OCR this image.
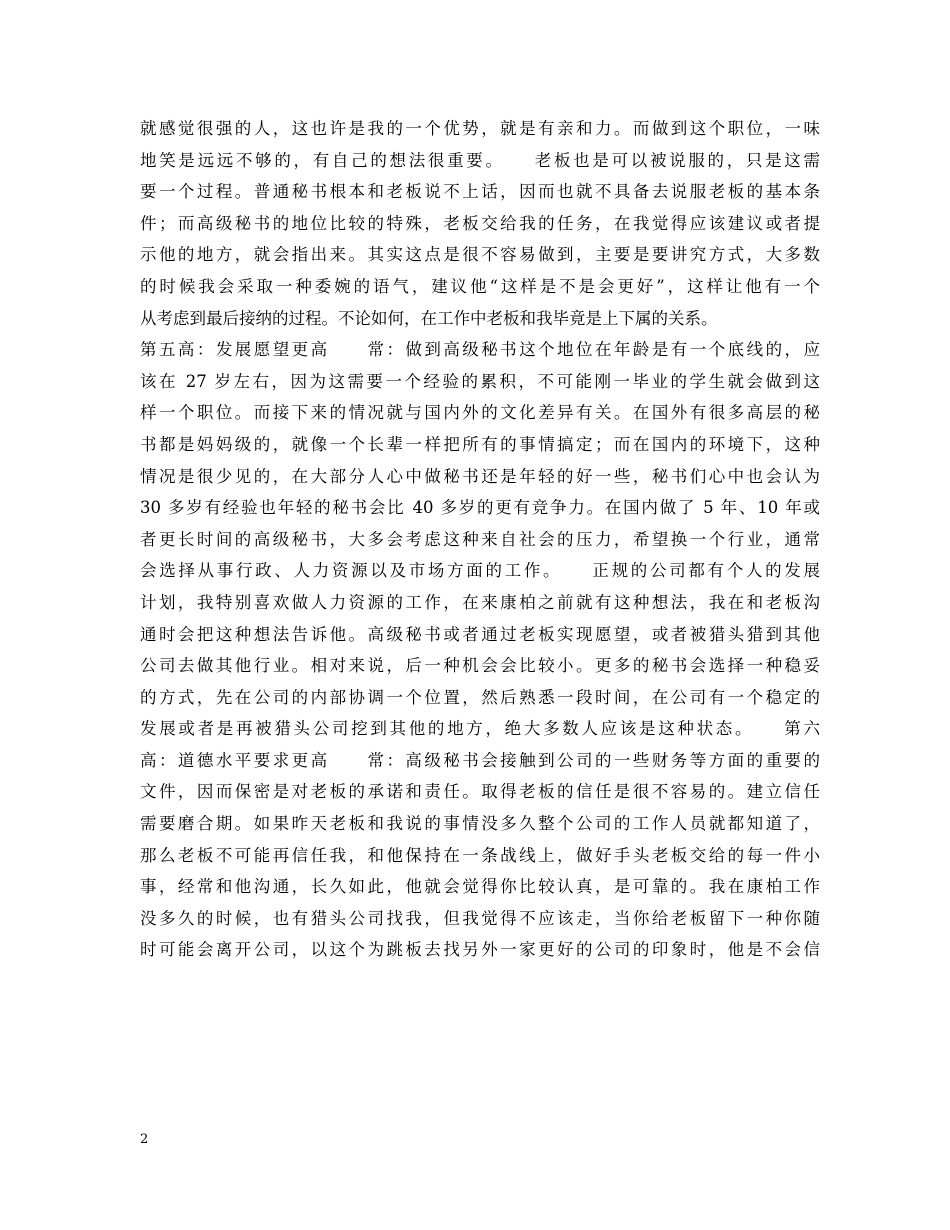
就感觉很强的人，这也许是我的一个优势，就是有亲和力。而做到这个职位，一味
地笑是远远不够的，有自己的想法很重要。　　老板也是可以被说服的，只是这需
要一个过程。普通秘书根本和老板说不上话，因而也就不具备去说服老板的基本条
件；而高级秘书的地位比较的特殊，老板交给我的任务，在我觉得应该建议或者提
示他的地方，就会指出来。其实这点是很不容易做到，主要是要讲究方式，大多数
的时候我会采取一种委婉的语气，建议他“这样是不是会更好”，这样让他有一个
从考虑到最后接纳的过程。不论如何，在工作中老板和我毕竟是上下属的关系。
第五高：发展愿望更高　　常：做到高级秘书这个地位在年龄是有一个底线的，应
该在 27 岁左右，因为这需要一个经验的累积，不可能刚一毕业的学生就会做到这
样一个职位。而接下来的情况就与国内外的文化差异有关。在国外有很多高层的秘
书都是妈妈级的，就像一个长辈一样把所有的事情搞定；而在国内的环境下，这种
情况是很少见的，在大部分人心中做秘书还是年轻的好一些，秘书们心中也会认为
30 多岁有经验也年轻的秘书会比 40 多岁的更有竞争力。在国内做了 5 年、10 年或
者更长时间的高级秘书，大多会考虑这种来自社会的压力，希望换一个行业，通常
会选择从事行政、人力资源以及市场方面的工作。　　正规的公司都有个人的发展
计划，我特别喜欢做人力资源的工作，在来康柏之前就有这种想法，我在和老板沟
通时会把这种想法告诉他。高级秘书或者通过老板实现愿望，或者被猎头猎到其他
公司去做其他行业。相对来说，后一种机会会比较小。更多的秘书会选择一种稳妥
的方式，先在公司的内部协调一个位置，然后熟悉一段时间，在公司有一个稳定的
发展或者是再被猎头公司挖到其他的地方，绝大多数人应该是这种状态。　　第六
高：道德水平要求更高　　常：高级秘书会接触到公司的一些财务等方面的重要的
文件，因而保密是对老板的承诺和责任。取得老板的信任是很不容易的。建立信任
需要磨合期。如果昨天老板和我说的事情没多久整个公司的工作人员就都知道了，
那么老板不可能再信任我，和他保持在一条战线上，做好手头老板交给的每一件小
事，经常和他沟通，长久如此，他就会觉得你比较认真，是可靠的。我在康柏工作
没多久的时候，也有猎头公司找我，但我觉得不应该走，当你给老板留下一种你随
时可能会离开公司，以这个为跳板去找另外一家更好的公司的印象时，他是不会信
2
